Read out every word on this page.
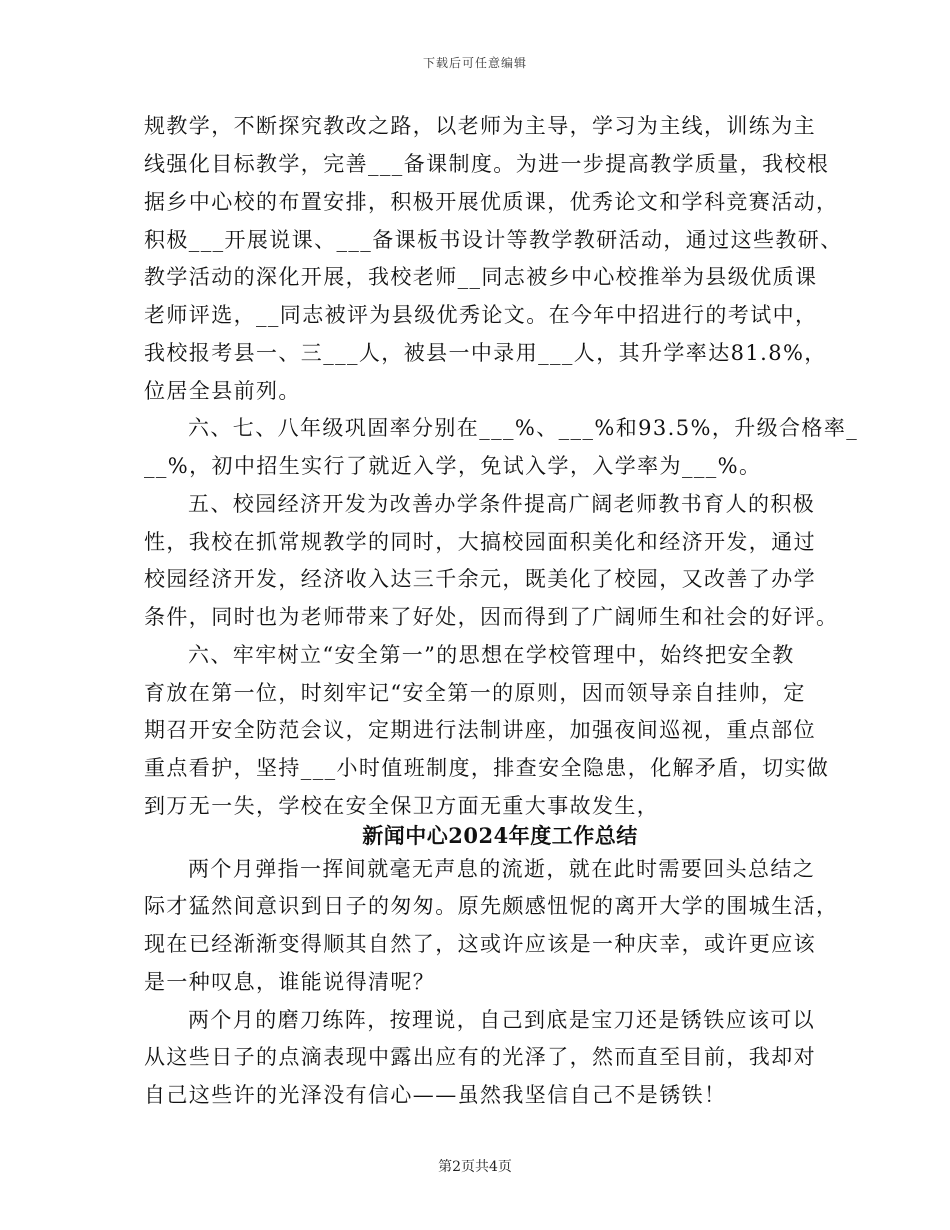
下载后可任意编辑
规教学，不断探究教改之路，以老师为主导，学习为主线，训练为主
线强化目标教学，完善___备课制度。为进一步提高教学质量，我校根
据乡中心校的布置安排，积极开展优质课，优秀论文和学科竞赛活动，
积极___开展说课、___备课板书设计等教学教研活动，通过这些教研、
教学活动的深化开展，我校老师__同志被乡中心校推举为县级优质课
老师评选，__同志被评为县级优秀论文。在今年中招进行的考试中，
我校报考县一、三___人，被县一中录用___人，其升学率达81.8%，
位居全县前列。
六、七、八年级巩固率分别在___%、___%和93.5%，升级合格率_
__%，初中招生实行了就近入学，免试入学，入学率为___%。
五、校园经济开发为改善办学条件提高广阔老师教书育人的积极
性，我校在抓常规教学的同时，大搞校园面积美化和经济开发，通过
校园经济开发，经济收入达三千余元，既美化了校园，又改善了办学
条件，同时也为老师带来了好处，因而得到了广阔师生和社会的好评。
六、牢牢树立“安全第一”的思想在学校管理中，始终把安全教
育放在第一位，时刻牢记“安全第一的原则，因而领导亲自挂帅，定
期召开安全防范会议，定期进行法制讲座，加强夜间巡视，重点部位
重点看护，坚持___小时值班制度，排查安全隐患，化解矛盾，切实做
到万无一失，学校在安全保卫方面无重大事故发生，
新闻中心2024年度工作总结
两个月弹指一挥间就毫无声息的流逝，就在此时需要回头总结之
际才猛然间意识到日子的匆匆。原先颇感忸怩的离开大学的围城生活，
现在已经渐渐变得顺其自然了，这或许应该是一种庆幸，或许更应该
是一种叹息，谁能说得清呢？
两个月的磨刀练阵，按理说，自己到底是宝刀还是锈铁应该可以
从这些日子的点滴表现中露出应有的光泽了，然而直至目前，我却对
自己这些许的光泽没有信心——虽然我坚信自己不是锈铁！
第2页共4页
